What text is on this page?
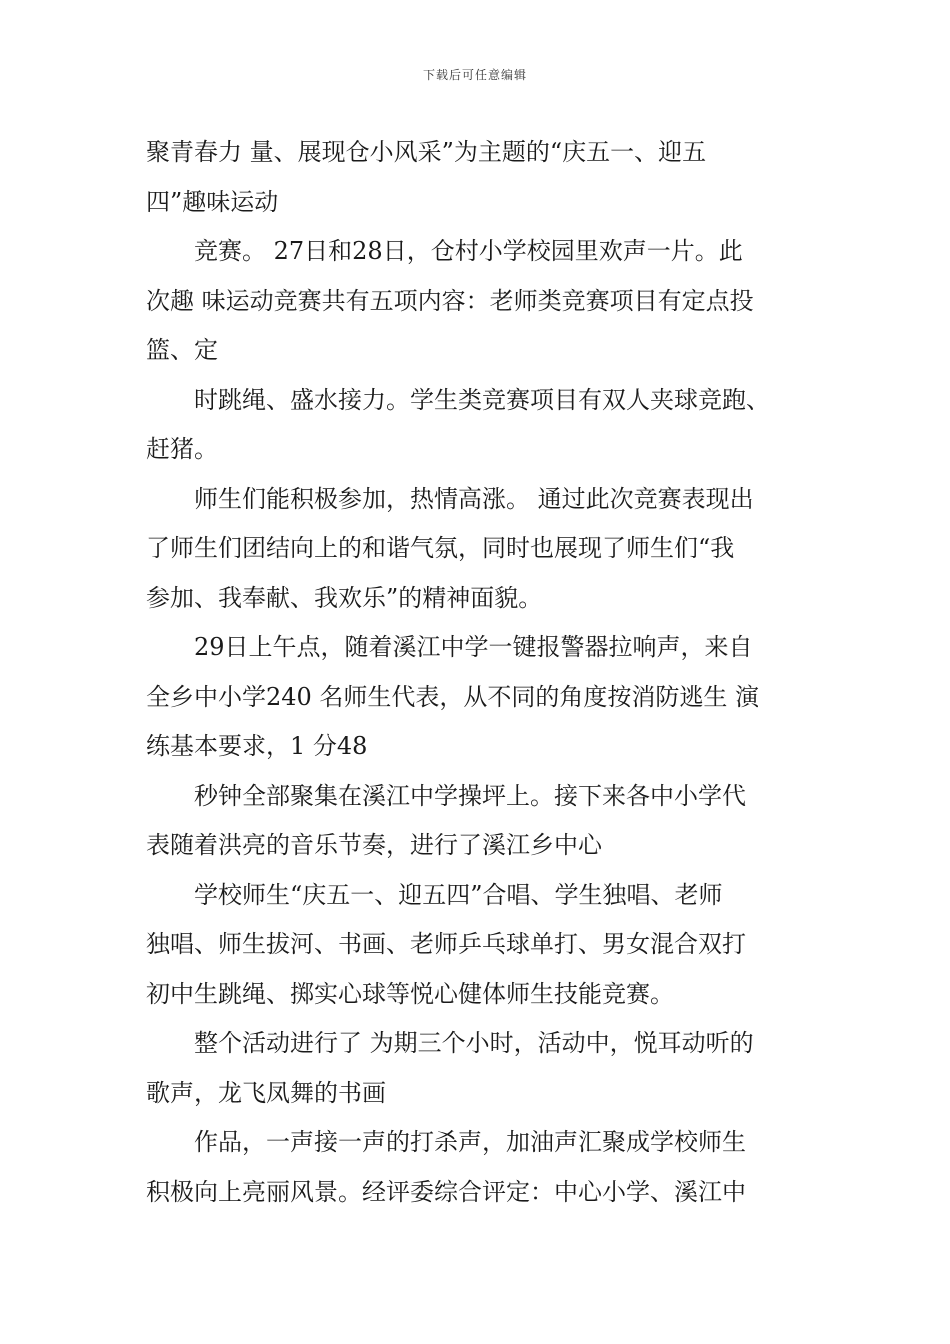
下载后可任意编辑

聚青春力 量、展现仓小风采”为主题的“庆五一、迎五
四”趣味运动

竞赛。 27日和28日，仓村小学校园里欢声一片。此
次趣 味运动竞赛共有五项内容：老师类竞赛项目有定点投
篮、定

时跳绳、盛水接力。学生类竞赛项目有双人夹球竞跑、
赶猪。

师生们能积极参加，热情高涨。 通过此次竞赛表现出
了师生们团结向上的和谐气氛，同时也展现了师生们“我
参加、我奉献、我欢乐”的精神面貌。

29日上午点，随着溪江中学一键报警器拉响声，来自
全乡中小学240 名师生代表，从不同的角度按消防逃生 演
练基本要求，1 分48

秒钟全部聚集在溪江中学操坪上。接下来各中小学代
表随着洪亮的音乐节奏，进行了溪江乡中心

学校师生“庆五一、迎五四”合唱、学生独唱、老师
独唱、师生拔河、书画、老师乒乓球单打、男女混合双打
初中生跳绳、掷实心球等悦心健体师生技能竞赛。

整个活动进行了 为期三个小时，活动中，悦耳动听的
歌声，龙飞凤舞的书画

作品，一声接一声的打杀声，加油声汇聚成学校师生
积极向上亮丽风景。经评委综合评定：中心小学、溪江中
